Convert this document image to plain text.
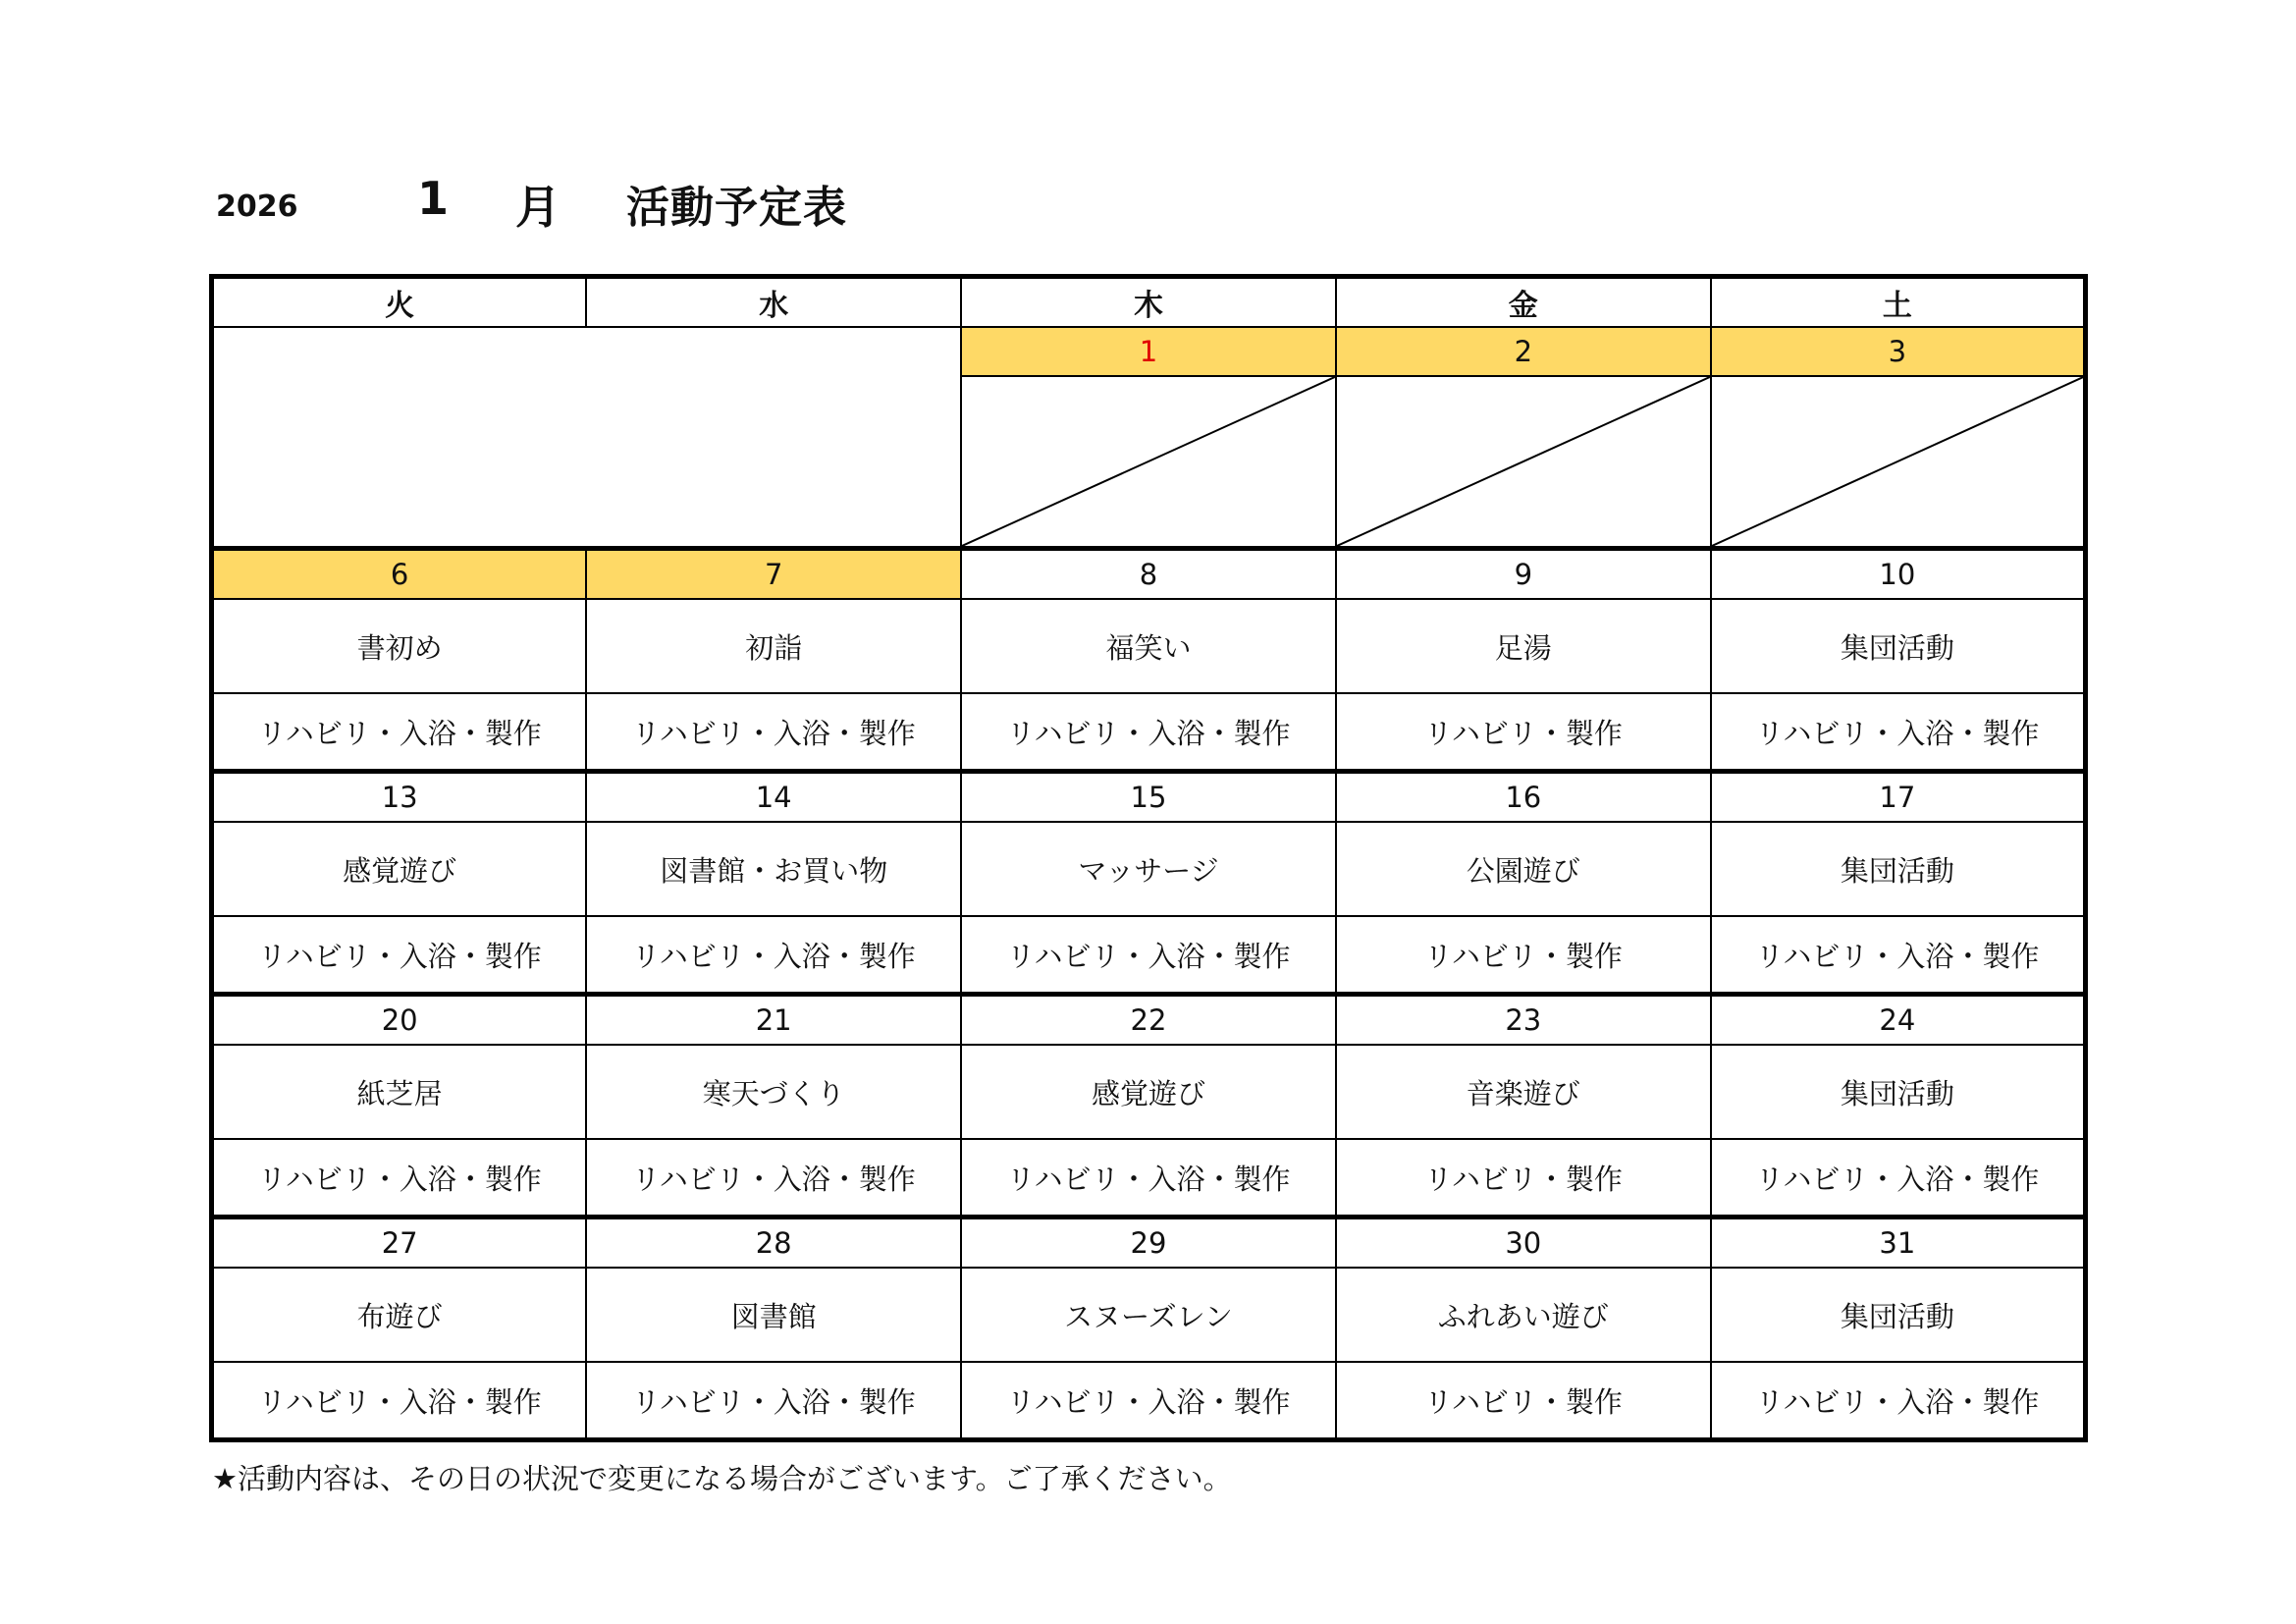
2026	1 月 活動予定表
火	水	木	金	土
		1	2	3

6	7	8	9	10
書初め	初詣	福笑い	足湯	集団活動
リハビリ・入浴・製作	リハビリ・入浴・製作	リハビリ・入浴・製作	リハビリ・製作	リハビリ・入浴・製作
13	14	15	16	17
感覚遊び	図書館・お買い物	マッサージ	公園遊び	集団活動
リハビリ・入浴・製作	リハビリ・入浴・製作	リハビリ・入浴・製作	リハビリ・製作	リハビリ・入浴・製作
20	21	22	23	24
紙芝居	寒天づくり	感覚遊び	音楽遊び	集団活動
リハビリ・入浴・製作	リハビリ・入浴・製作	リハビリ・入浴・製作	リハビリ・製作	リハビリ・入浴・製作
27	28	29	30	31
布遊び	図書館	スヌーズレン	ふれあい遊び	集団活動
リハビリ・入浴・製作	リハビリ・入浴・製作	リハビリ・入浴・製作	リハビリ・製作	リハビリ・入浴・製作
★活動内容は、その日の状況で変更になる場合がございます。ご了承ください。
